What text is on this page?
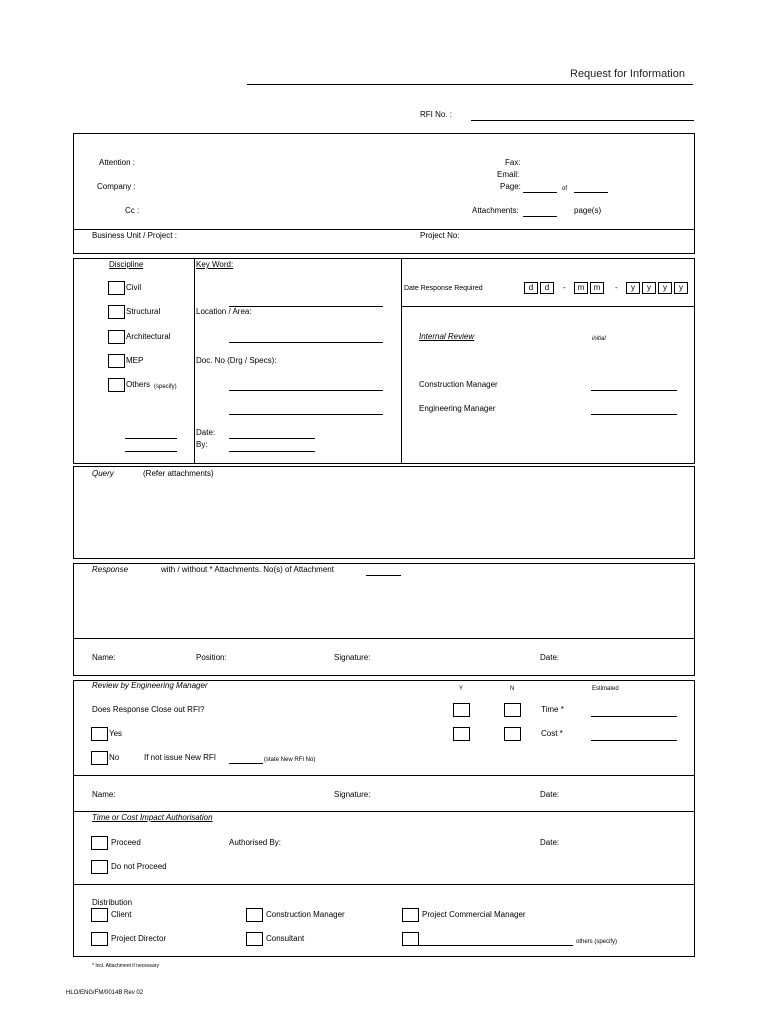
Request for Information
RFI No. :
Attention :
Company :
Cc :
Fax:
Email:
Page:	of
Attachments:	page(s)
Business Unit / Project :	Project No:
Discipline	Key Word:
Civil
Structural
Architectural
MEP
Others (specify)
Location / Area:
Doc. No (Drg / Specs):
Date:
By:
Date Response Required	d	d	-	m	m	-	y	y	y	y
Internal Review	initial
Construction Manager
Engineering Manager
Query	(Refer attachments)
Response	with / without * Attachments. No(s) of Attachment
Name:	Position:	Signature:	Date:
Review by Engineering Manager	Y	N	Estimated
Does Response Close out RFI?	Time *
Yes	Cost *
No	If not issue New RFI	(state New RFI No)
Name:	Signature:	Date:
Time or Cost Impact Authorisation
Proceed	Authorised By:	Date:
Do not Proceed
Distribution
Client	Construction Manager	Project Commercial Manager
Project Director	Consultant	others (specify)
* Incl. Attachment if necessary
HLO/ENG/FM/0014B Rev 02
